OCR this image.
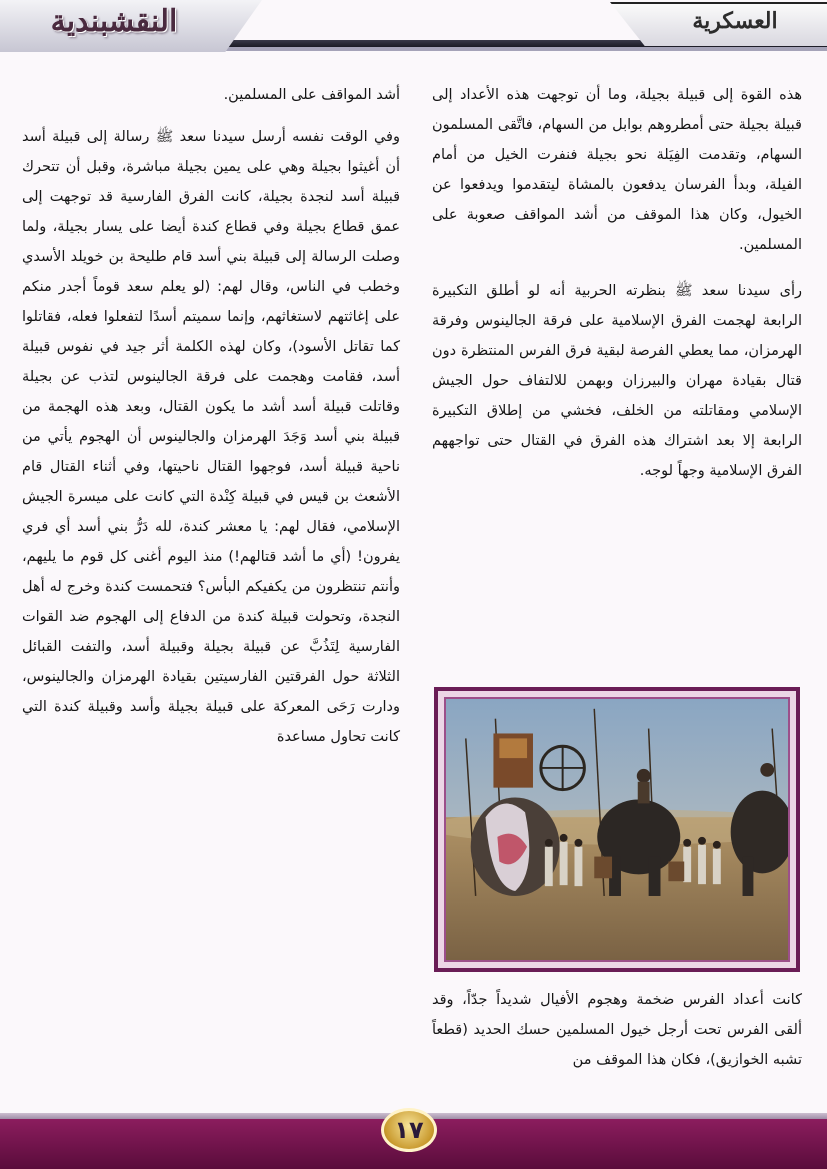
النقشبندية	العسكرية

هذه القوة إلى قبيلة بجيلة، وما أن توجهت هذه الأعداد إلى قبيلة بجيلة حتى أمطروهم بوابل من السهام، فاتَّقى المسلمون السهام، وتقدمت الفِيَلة نحو بجيلة فنفرت الخيل من أمام الفيلة، وبدأ الفرسان يدفعون بالمشاة ليتقدموا ويدفعوا عن الخيول، وكان هذا الموقف من أشد المواقف صعوبة على المسلمين.

رأى سيدنا سعد ﷺ بنظرته الحربية أنه لو أطلق التكبيرة الرابعة لهجمت الفرق الإسلامية على فرقة الجالينوس وفرقة الهرمزان، مما يعطي الفرصة لبقية فرق الفرس المنتظرة دون قتال بقيادة مهران والبيرزان وبهمن للالتفاف حول الجيش الإسلامي ومقاتلته من الخلف، فخشي من إطلاق التكبيرة الرابعة إلا بعد اشتراك هذه الفرق في القتال حتى تواجههم الفرق الإسلامية وجهاً لوجه.

كانت أعداد الفرس ضخمة وهجوم الأفيال شديداً جدّاً، وقد ألقى الفرس تحت أرجل خيول المسلمين حسك الحديد (قطعاً تشبه الخوازيق)، فكان هذا الموقف من

أشد المواقف على المسلمين.

وفي الوقت نفسه أرسل سيدنا سعد ﷺ رسالة إلى قبيلة أسد أن أغيثوا بجيلة وهي على يمين بجيلة مباشرة، وقبل أن تتحرك قبيلة أسد لنجدة بجيلة، كانت الفرق الفارسية قد توجهت إلى عمق قطاع بجيلة وفي قطاع كندة أيضا على يسار بجيلة، ولما وصلت الرسالة إلى قبيلة بني أسد قام طليحة بن خويلد الأسدي وخطب في الناس، وقال لهم: (لو يعلم سعد قوماً أجدر منكم على إغاثتهم لاستغاثهم، وإنما سميتم أسدًا لتفعلوا فعله، فقاتلوا كما تقاتل الأسود)، وكان لهذه الكلمة أثر جيد في نفوس قبيلة أسد، فقامت وهجمت على فرقة الجالينوس لتذب عن بجيلة وقاتلت قبيلة أسد أشد ما يكون القتال، وبعد هذه الهجمة من قبيلة بني أسد وَجَدَ الهرمزان والجالينوس أن الهجوم يأتي من ناحية قبيلة أسد، فوجهوا القتال ناحيتها، وفي أثناء القتال قام الأشعث بن قيس في قبيلة كِنْدة التي كانت على ميسرة الجيش الإسلامي، فقال لهم: يا معشر كندة، لله دَرُّ بني أسد أي فري يفرون! (أي ما أشد قتالهم!) منذ اليوم أغنى كل قوم ما يليهم، وأنتم تنتظرون من يكفيكم البأس؟ فتحمست كندة وخرج له أهل النجدة، وتحولت قبيلة كندة من الدفاع إلى الهجوم ضد القوات الفارسية لِتَذُبَّ عن قبيلة بجيلة وقبيلة أسد، والتفت القبائل الثلاثة حول الفرقتين الفارسيتين بقيادة الهرمزان والجالينوس، ودارت رَحَى المعركة على قبيلة بجيلة وأسد وقبيلة كندة التي كانت تحاول مساعدة

١٧
